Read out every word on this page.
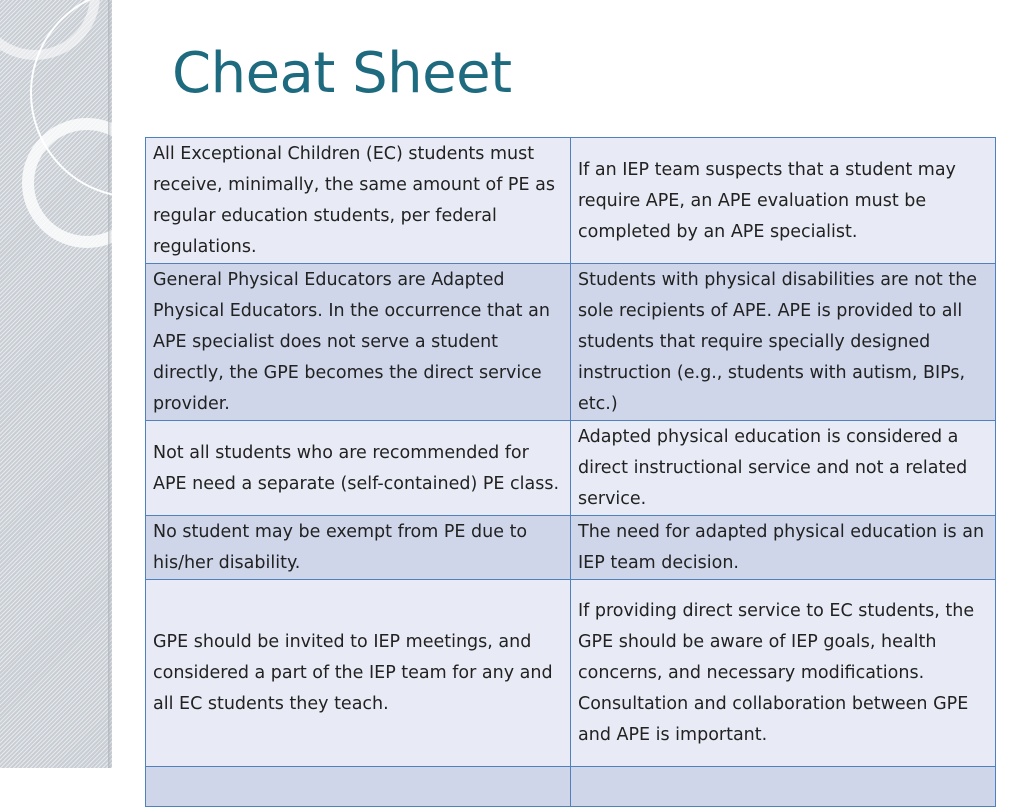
Cheat Sheet
All Exceptional Children (EC) students must receive, minimally, the same amount of PE as regular education students, per federal regulations.	If an IEP team suspects that a student may require APE, an APE evaluation must be completed by an APE specialist.
General Physical Educators are Adapted Physical Educators. In the occurrence that an APE specialist does not serve a student directly, the GPE becomes the direct service provider.	Students with physical disabilities are not the sole recipients of APE. APE is provided to all students that require specially designed instruction (e.g., students with autism, BIPs, etc.)
Not all students who are recommended for APE need a separate (self-contained) PE class.	Adapted physical education is considered a direct instructional service and not a related service.
No student may be exempt from PE due to his/her disability.	The need for adapted physical education is an IEP team decision.
GPE should be invited to IEP meetings, and considered a part of the IEP team for any and all EC students they teach.	If providing direct service to EC students, the GPE should be aware of IEP goals, health concerns, and necessary modifications. Consultation and collaboration between GPE and APE is important.
